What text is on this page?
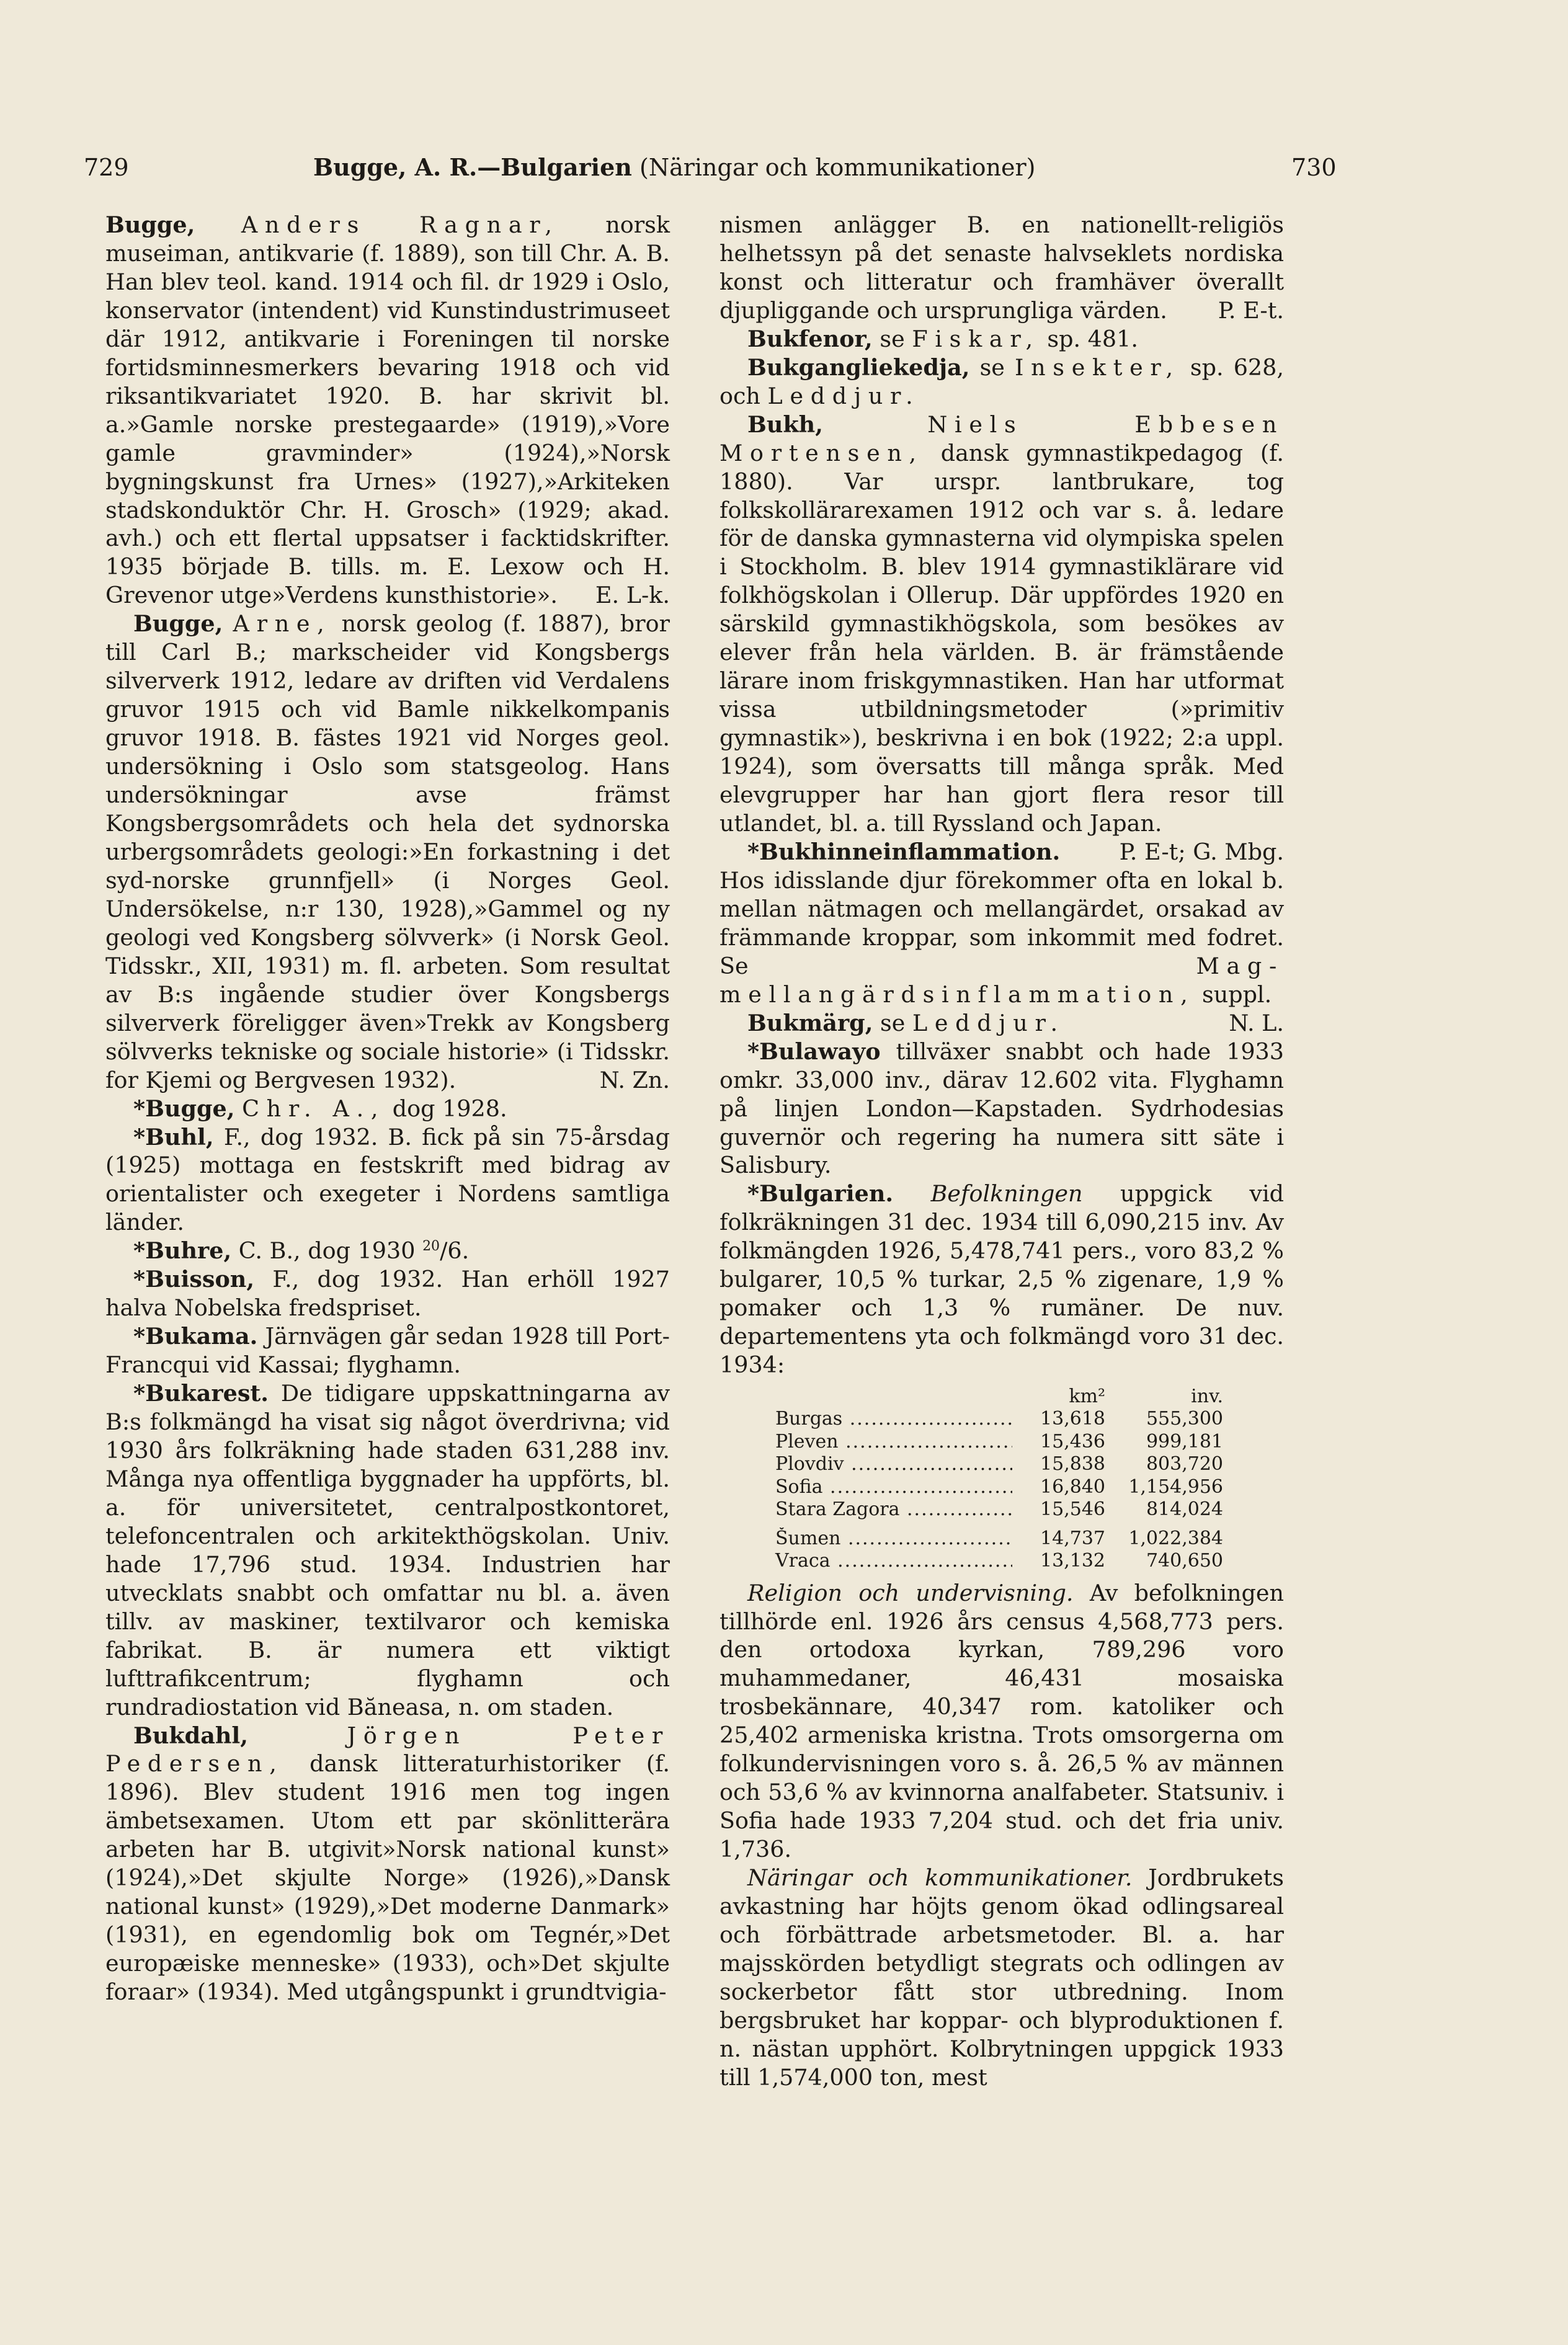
729	Bugge, A. R.—Bulgarien (Näringar och kommunikationer)	730

Bugge, Anders Ragnar, norsk museiman, antikvarie (f. 1889), son till Chr. A. B. Han blev teol. kand. 1914 och fil. dr 1929 i Oslo, konservator (intendent) vid Kunstindustrimuseet där 1912, antikvarie i Foreningen til norske fortidsminnesmerkers bevaring 1918 och vid riksantikvariatet 1920. B. har skrivit bl. a.»Gamle norske prestegaarde» (1919),»Vore gamle gravminder» (1924),»Norsk bygningskunst fra Urnes» (1927),»Arkiteken stadskonduktör Chr. H. Grosch» (1929; akad. avh.) och ett flertal uppsatser i facktidskrifter. 1935 började B. tills. m. E. Lexow och H. Grevenor utge»Verdens kunsthistorie». E. L-k.

Bugge, Arne, norsk geolog (f. 1887), bror till Carl B.; markscheider vid Kongsbergs silververk 1912, ledare av driften vid Verdalens gruvor 1915 och vid Bamle nikkelkompanis gruvor 1918. B. fästes 1921 vid Norges geol. undersökning i Oslo som statsgeolog. Hans undersökningar avse främst Kongsbergsområdets och hela det sydnorska urbergsområdets geologi:»En forkastning i det syd-norske grunnfjell» (i Norges Geol. Undersökelse, n:r 130, 1928),»Gammel og ny geologi ved Kongsberg sölvverk» (i Norsk Geol. Tidsskr., XII, 1931) m. fl. arbeten. Som resultat av B:s ingående studier över Kongsbergs silververk föreligger även»Trekk av Kongsberg sölvverks tekniske og sociale historie» (i Tidsskr. for Kjemi og Bergvesen 1932).	N. Zn.

*Bugge, Chr. A., dog 1928.

*Buhl, F., dog 1932. B. fick på sin 75-årsdag (1925) mottaga en festskrift med bidrag av orientalister och exegeter i Nordens samtliga länder.

*Buhre, C. B., dog 1930 $^{20}$/6.

*Buisson, F., dog 1932. Han erhöll 1927 halva Nobelska fredspriset.

*Bukama. Järnvägen går sedan 1928 till Port-Francqui vid Kassai; flyghamn.

*Bukarest. De tidigare uppskattningarna av B:s folkmängd ha visat sig något överdrivna; vid 1930 års folkräkning hade staden 631,288 inv. Många nya offentliga byggnader ha uppförts, bl. a. för universitetet, centralpostkontoret, telefoncentralen och arkitekthögskolan. Univ. hade 17,796 stud. 1934. Industrien har utvecklats snabbt och omfattar nu bl. a. även tillv. av maskiner, textilvaror och kemiska fabrikat. B. är numera ett viktigt lufttrafikcentrum; flyghamn och rundradiostation vid Băneasa, n. om staden.

Bukdahl,	Jörgen Peter Pedersen, dansk litteraturhistoriker (f. 1896). Blev student 1916 men tog ingen ämbetsexamen. Utom ett par skönlitterära arbeten har B. utgivit»Norsk national kunst» (1924),»Det skjulte Norge» (1926),»Dansk national kunst» (1929),»Det moderne Danmark» (1931), en egendomlig bok om Tegnér,»Det europæiske menneske» (1933), och»Det skjulte foraar» (1934). Med utgångspunkt i grundtvigia-

nismen anlägger B. en nationellt-religiös helhetssyn på det senaste halvseklets nordiska konst och litteratur och framhäver överallt djupliggande och ursprungliga värden. P. E-t.

Bukfenor, se Fiskar, sp. 481.

Bukgangliekedja, se Insekter, sp. 628, och Leddjur.

Bukh,	Niels Ebbesen Mortensen, dansk gymnastikpedagog (f. 1880). Var urspr. lantbrukare, tog folkskollärarexamen 1912 och var s. å. ledare för de danska gymnasterna vid olympiska spelen i Stockholm. B. blev 1914 gymnastiklärare vid folkhögskolan i Ollerup. Där uppfördes 1920 en särskild gymnastikhögskola, som besökes av elever från hela världen. B. är främstående lärare inom friskgymnastiken. Han har utformat vissa utbildningsmetoder (»primitiv gymnastik»), beskrivna i en bok (1922; 2:a uppl. 1924), som översatts till många språk. Med elevgrupper har han gjort flera resor till utlandet, bl. a. till Ryssland och Japan.
P. E-t; G. Mbg.

*Bukhinneinflammation. Hos idisslande djur förekommer ofta en lokal b. mellan nätmagen och mellangärdet, orsakad av främmande kroppar, som inkommit med fodret. Se Mag-mellangärdsinflammation, suppl.
N. L.

Bukmärg, se Leddjur.

*Bulawayo tillväxer snabbt och hade 1933 omkr. 33,000 inv., därav 12.602 vita. Flyghamn på linjen London—Kapstaden. Sydrhodesias guvernör och regering ha numera sitt säte i Salisbury.

*Bulgarien. Befolkningen uppgick vid folkräkningen 31 dec. 1934 till 6,090,215 inv. Av folkmängden 1926, 5,478,741 pers., voro 83,2 % bulgarer, 10,5 % turkar, 2,5 % zigenare, 1,9 % pomaker och 1,3 % rumäner. De nuv. departementens yta och folkmängd voro 31 dec. 1934:

km²	inv.
Burgas .....	13,618	555,300
Pleven .....	15,436	999,181
Plovdiv .....	15,838	803,720
Sofia .....	16,840	1,154,956
Stara Zagora .....	15,546	814,024
Šumen .....	14,737	1,022,384
Vraca .....	13,132	740,650

Religion och undervisning. Av befolkningen tillhörde enl. 1926 års census 4,568,773 pers. den ortodoxa kyrkan, 789,296 voro muhammedaner, 46,431 mosaiska trosbekännare, 40,347 rom. katoliker och 25,402 armeniska kristna. Trots omsorgerna om folkundervisningen voro s. å. 26,5 % av männen och 53,6 % av kvinnorna analfabeter. Statsuniv. i Sofia hade 1933 7,204 stud. och det fria univ. 1,736.

Näringar och kommunikationer. Jordbrukets avkastning har höjts genom ökad odlingsareal och förbättrade arbetsmetoder. Bl. a. har majsskörden betydligt stegrats och odlingen av sockerbetor fått stor utbredning. Inom bergsbruket har koppar- och blyproduktionen f. n. nästan upphört. Kolbrytningen uppgick 1933 till 1,574,000 ton, mest
